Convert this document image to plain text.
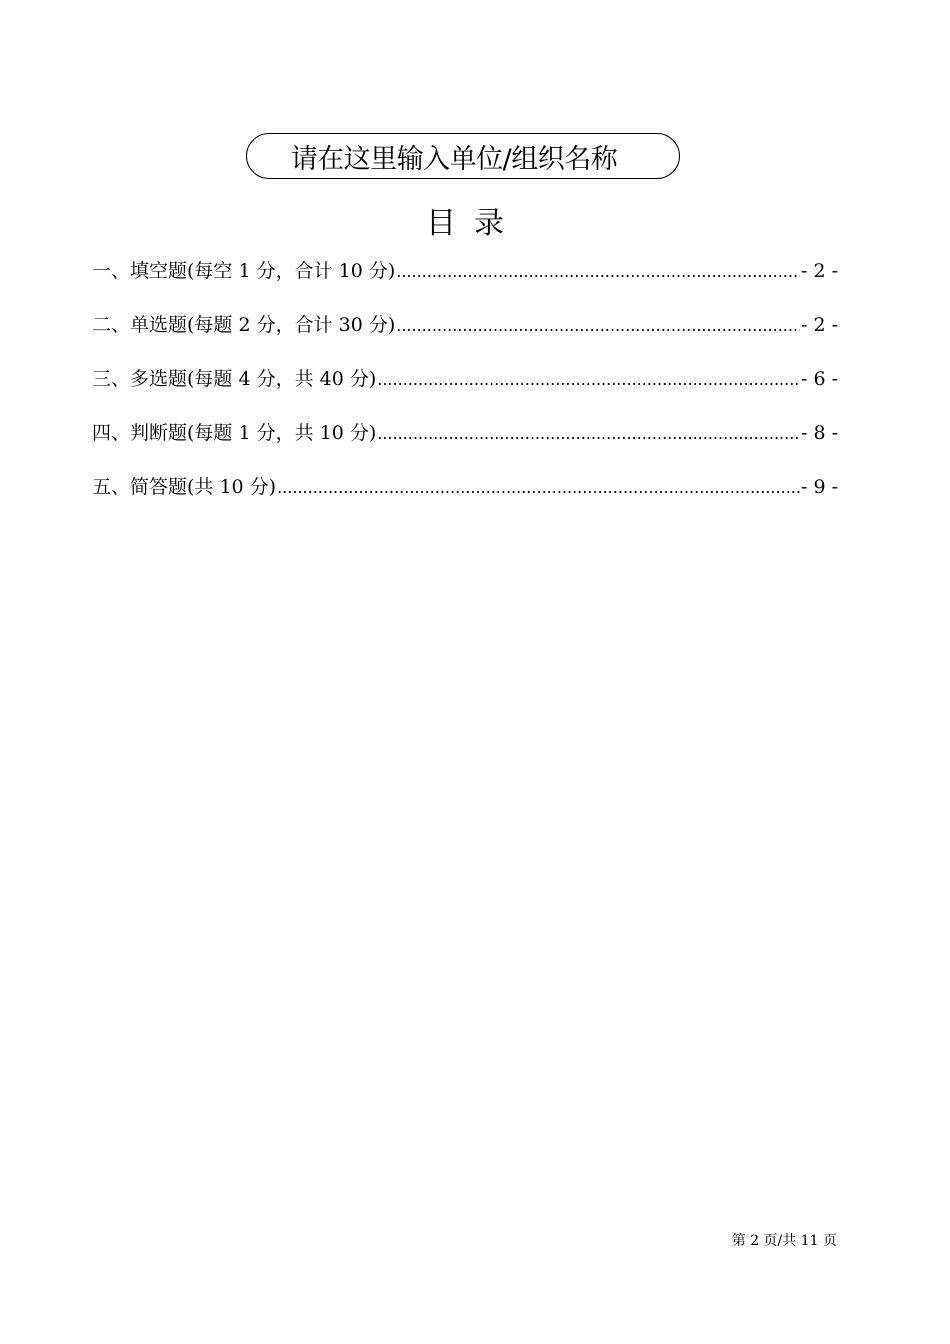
请在这里输入单位/组织名称
目录
一、填空题(每空 1 分，合计 10 分) .....	- 2 -
二、单选题(每题 2 分，合计 30 分) .....	- 2 -
三、多选题(每题 4 分，共 40 分) .....	- 6 -
四、判断题(每题 1 分，共 10 分) .....	- 8 -
五、简答题(共 10 分) .....	- 9 -
第 2 页/共 11 页
